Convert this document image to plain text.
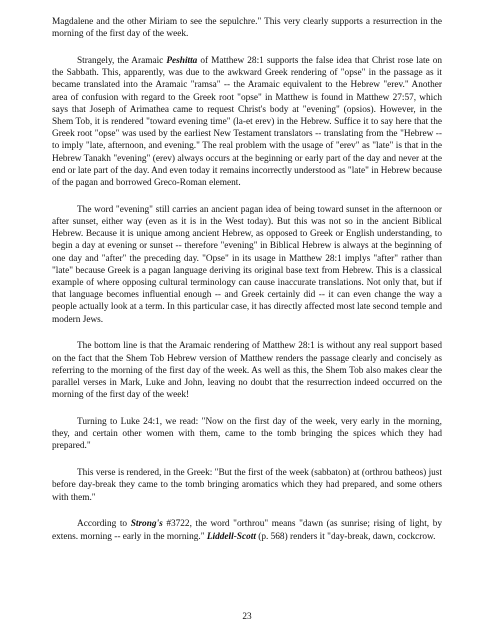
Magdalene and the other Miriam to see the sepulchre." This very clearly supports a resurrection in the morning of the first day of the week.

Strangely, the Aramaic Peshitta of Matthew 28:1 supports the false idea that Christ rose late on the Sabbath. This, apparently, was due to the awkward Greek rendering of "opse" in the passage as it became translated into the Aramaic "ramsa" -- the Aramaic equivalent to the Hebrew "erev." Another area of confusion with regard to the Greek root "opse" in Matthew is found in Matthew 27:57, which says that Joseph of Arimathea came to request Christ's body at "evening" (opsios). However, in the Shem Tob, it is rendered "toward evening time" (la-et erev) in the Hebrew. Suffice it to say here that the Greek root "opse" was used by the earliest New Testament translators -- translating from the "Hebrew -- to imply "late, afternoon, and evening." The real problem with the usage of "erev" as "late" is that in the Hebrew Tanakh "evening" (erev) always occurs at the beginning or early part of the day and never at the end or late part of the day. And even today it remains incorrectly understood as "late" in Hebrew because of the pagan and borrowed Greco-Roman element.

The word "evening" still carries an ancient pagan idea of being toward sunset in the afternoon or after sunset, either way (even as it is in the West today). But this was not so in the ancient Biblical Hebrew. Because it is unique among ancient Hebrew, as opposed to Greek or English understanding, to begin a day at evening or sunset -- therefore "evening" in Biblical Hebrew is always at the beginning of one day and "after" the preceding day. "Opse" in its usage in Matthew 28:1 implys "after" rather than "late" because Greek is a pagan language deriving its original base text from Hebrew. This is a classical example of where opposing cultural terminology can cause inaccurate translations. Not only that, but if that language becomes influential enough -- and Greek certainly did -- it can even change the way a people actually look at a term. In this particular case, it has directly affected most late second temple and modern Jews.

The bottom line is that the Aramaic rendering of Matthew 28:1 is without any real support based on the fact that the Shem Tob Hebrew version of Matthew renders the passage clearly and concisely as referring to the morning of the first day of the week. As well as this, the Shem Tob also makes clear the parallel verses in Mark, Luke and John, leaving no doubt that the resurrection indeed occurred on the morning of the first day of the week!

Turning to Luke 24:1, we read: "Now on the first day of the week, very early in the morning, they, and certain other women with them, came to the tomb bringing the spices which they had prepared."

This verse is rendered, in the Greek: "But the first of the week (sabbaton) at (orthrou batheos) just before day-break they came to the tomb bringing aromatics which they had prepared, and some others with them."

According to Strong's #3722, the word "orthrou" means "dawn (as sunrise; rising of light, by extens. morning -- early in the morning." Liddell-Scott (p. 568) renders it "day-break, dawn, cockcrow.

23
